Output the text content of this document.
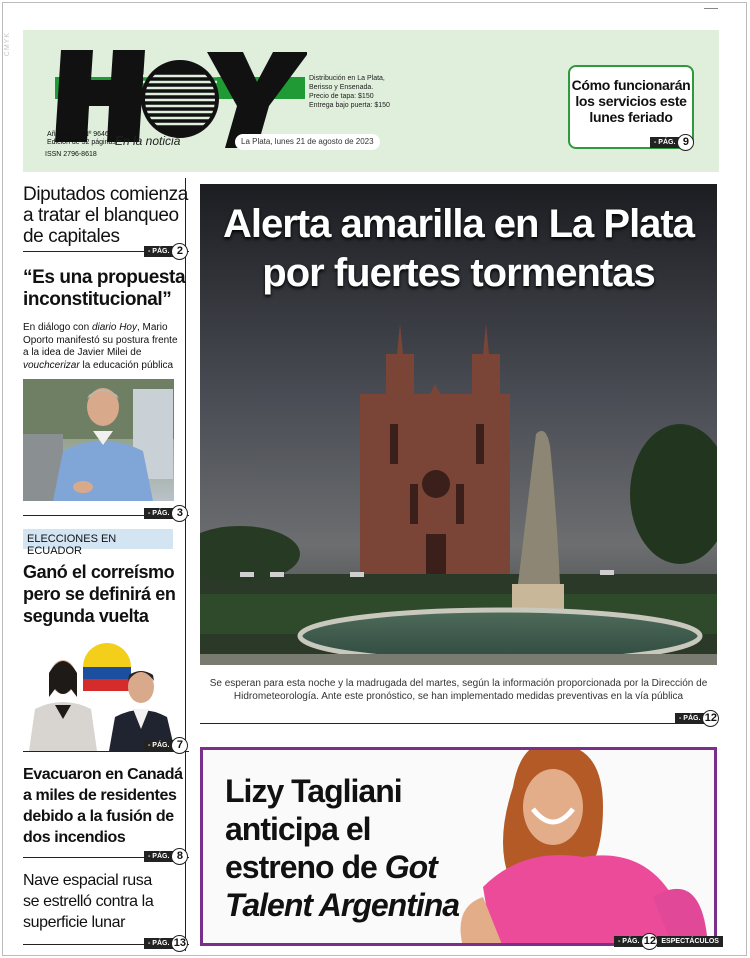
CMYK
Año XXIX • Nº 9646
Edición de 32 páginas
ISSN 2796-8618
En la noticia	La Plata, lunes 21 de agosto de 2023
Distribución en La Plata,
Berisso y Ensenada.
Precio de tapa: $150
Entrega bajo puerta: $150
Cómo funcionarán
los servicios este
lunes feriado
- PÁG. 9
Diputados comienza
a tratar el blanqueo
de capitales
- PÁG. 2
“Es una propuesta
inconstitucional”
En diálogo con diario Hoy, Mario Oporto manifestó su postura frente a la idea de Javier Milei de vouchcerizar la educación pública
- PÁG. 3
ELECCIONES EN ECUADOR
Ganó el correísmo
pero se definirá en
segunda vuelta
- PÁG. 7
Evacuaron en Canadá
a miles de residentes
debido a la fusión de
dos incendios
- PÁG. 8
Nave espacial rusa
se estrelló contra la
superficie lunar
- PÁG. 13
Alerta amarilla en La Plata
por fuertes tormentas
Se esperan para esta noche y la madrugada del martes, según la información proporcionada por la Dirección de Hidrometeorología. Ante este pronóstico, se han implementado medidas preventivas en la vía pública
- PÁG. 12
Lizy Tagliani
anticipa el
estreno de Got
Talent Argentina
- PÁG. 12 ESPECTÁCULOS
